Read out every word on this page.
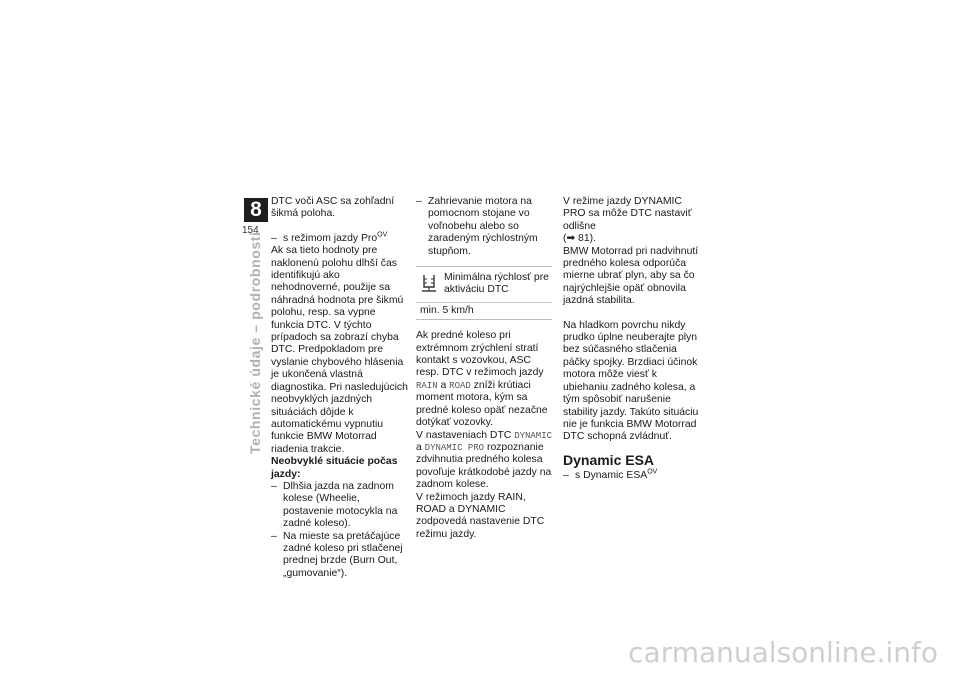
8
154
Technické údaje – podrobnosti

DTC voči ASC sa zohľadní šikmá poloha.

– s režimom jazdy Pro$^{OV}$

Ak sa tieto hodnoty pre naklonenú polohu dlhší čas identifikujú ako nehodnoverné, použije sa náhradná hodnota pre šikmú polohu, resp. sa vypne funkcia DTC. V týchto prípadoch sa zobrazí chyba DTC. Predpokladom pre vyslanie chybového hlásenia je ukončená vlastná diagnostika. Pri nasledujúcich neobvyklých jazdných situáciách dôjde k automatickému vypnutiu funkcie BMW Motorrad riadenia trakcie.

Neobvyklé situácie počas jazdy:

– Dlhšia jazda na zadnom kolese (Wheelie, postavenie motocykla na zadné koleso).

– Na mieste sa pretáčajúce zadné koleso pri stlačenej prednej brzde (Burn Out, „gumovanie“).

– Zahrievanie motora na pomocnom stojane vo voľnobehu alebo so zaradeným rýchlostným stupňom.

Minimálna rýchlosť pre aktiváciu DTC
min. 5 km/h

Ak predné koleso pri extrémnom zrýchlení stratí kontakt s vozovkou, ASC resp. DTC v režimoch jazdy RAIN a ROAD zníži krútiaci moment motora, kým sa predné koleso opäť nezačne dotýkať vozovky.

V nastaveniach DTC DYNAMIC
a DYNAMIC PRO rozpoznanie zdvihnutia predného kolesa povoľuje krátkodobé jazdy na zadnom kolese.

V režimoch jazdy RAIN, ROAD a DYNAMIC zodpovedá nastavenie DTC režimu jazdy.

V režime jazdy DYNAMIC PRO sa môže DTC nastaviť odlišne

(➡ 81).

BMW Motorrad pri nadvihnutí predného kolesa odporúča mierne ubrať plyn, aby sa čo najrýchlejšie opäť obnovila jazdná stabilita.

Na hladkom povrchu nikdy prudko úplne neuberajte plyn bez súčasného stlačenia páčky spojky. Brzdiaci účinok motora môže viesť k ubiehaniu zadného kolesa, a tým spôsobiť narušenie stability jazdy. Takúto situáciu nie je funkcia BMW Motorrad DTC schopná zvládnuť.

Dynamic ESA

– s Dynamic $ESA^{OV}$

carmanualsonline.info
